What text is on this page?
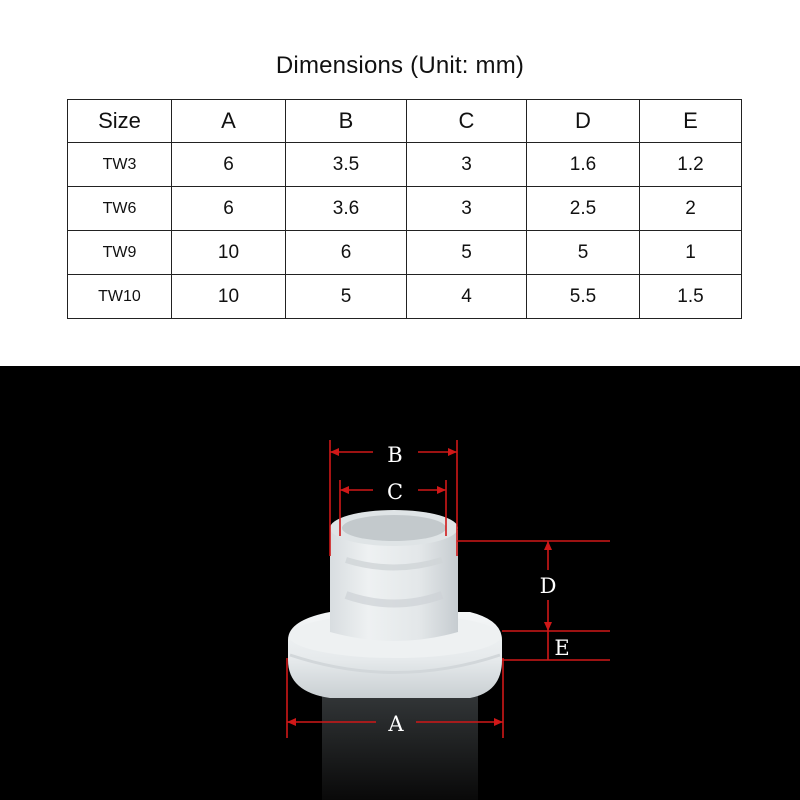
Dimensions (Unit: mm)
Size	A	B	C	D	E
TW3	6	3.5	3	1.6	1.2
TW6	6	3.6	3	2.5	2
TW9	10	6	5	5	1
TW10	10	5	4	5.5	1.5
B
C
D
E
A
